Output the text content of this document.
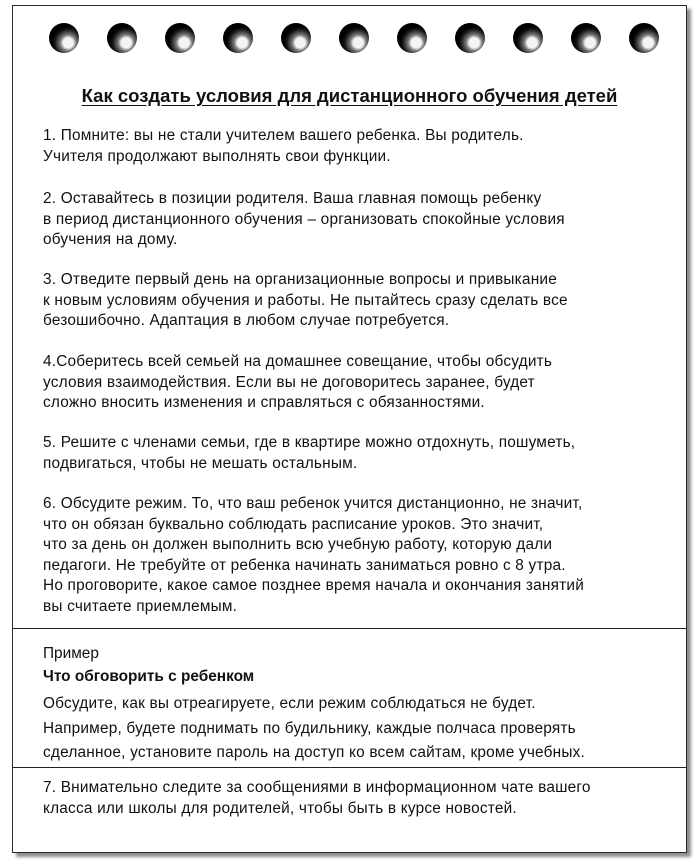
Как создать условия для дистанционного обучения детей

1. Помните: вы не стали учителем вашего ребенка. Вы родитель.
Учителя продолжают выполнять свои функции.

2. Оставайтесь в позиции родителя. Ваша главная помощь ребенку
в период дистанционного обучения – организовать спокойные условия
обучения на дому.

3. Отведите первый день на организационные вопросы и привыкание
к новым условиям обучения и работы. Не пытайтесь сразу сделать все
безошибочно. Адаптация в любом случае потребуется.

4.Соберитесь всей семьей на домашнее совещание, чтобы обсудить
условия взаимодействия. Если вы не договоритесь заранее, будет
сложно вносить изменения и справляться с обязанностями.

5. Решите с членами семьи, где в квартире можно отдохнуть, пошуметь,
подвигаться, чтобы не мешать остальным.

6. Обсудите режим. То, что ваш ребенок учится дистанционно, не значит,
что он обязан буквально соблюдать расписание уроков. Это значит,
что за день он должен выполнить всю учебную работу, которую дали
педагоги. Не требуйте от ребенка начинать заниматься ровно с 8 утра.
Но проговорите, какое самое позднее время начала и окончания занятий
вы считаете приемлемым.

Пример
Что обговорить с ребенком

Обсудите, как вы отреагируете, если режим соблюдаться не будет.
Например, будете поднимать по будильнику, каждые полчаса проверять
сделанное, установите пароль на доступ ко всем сайтам, кроме учебных.

7. Внимательно следите за сообщениями в информационном чате вашего
класса или школы для родителей, чтобы быть в курсе новостей.
